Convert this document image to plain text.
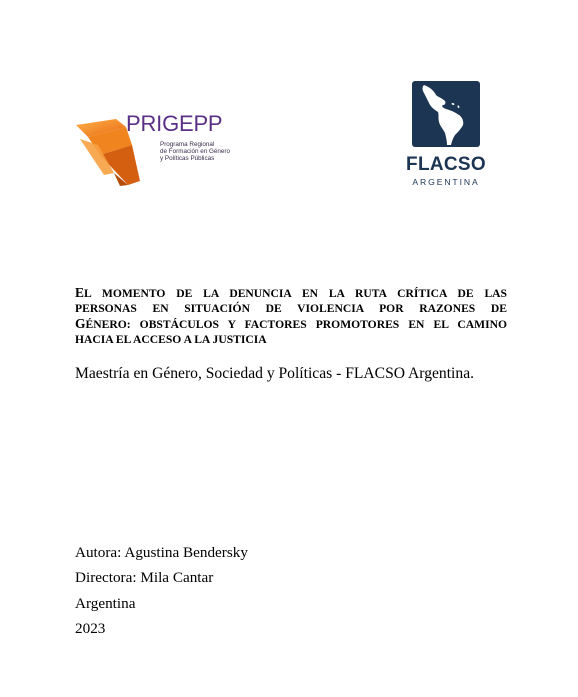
PRIGEPP
Programa Regional
de Formación en Género
y Políticas Públicas	FLACSO
ARGENTINA
EL MOMENTO DE LA DENUNCIA EN LA RUTA CRÍTICA DE LAS
PERSONAS EN SITUACIÓN DE VIOLENCIA POR RAZONES DE
GÉNERO: OBSTÁCULOS Y FACTORES PROMOTORES EN EL CAMINO
HACIA EL ACCESO A LA JUSTICIA
Maestría en Género, Sociedad y Políticas - FLACSO Argentina.
Autora: Agustina Bendersky
Directora: Mila Cantar
Argentina
2023
